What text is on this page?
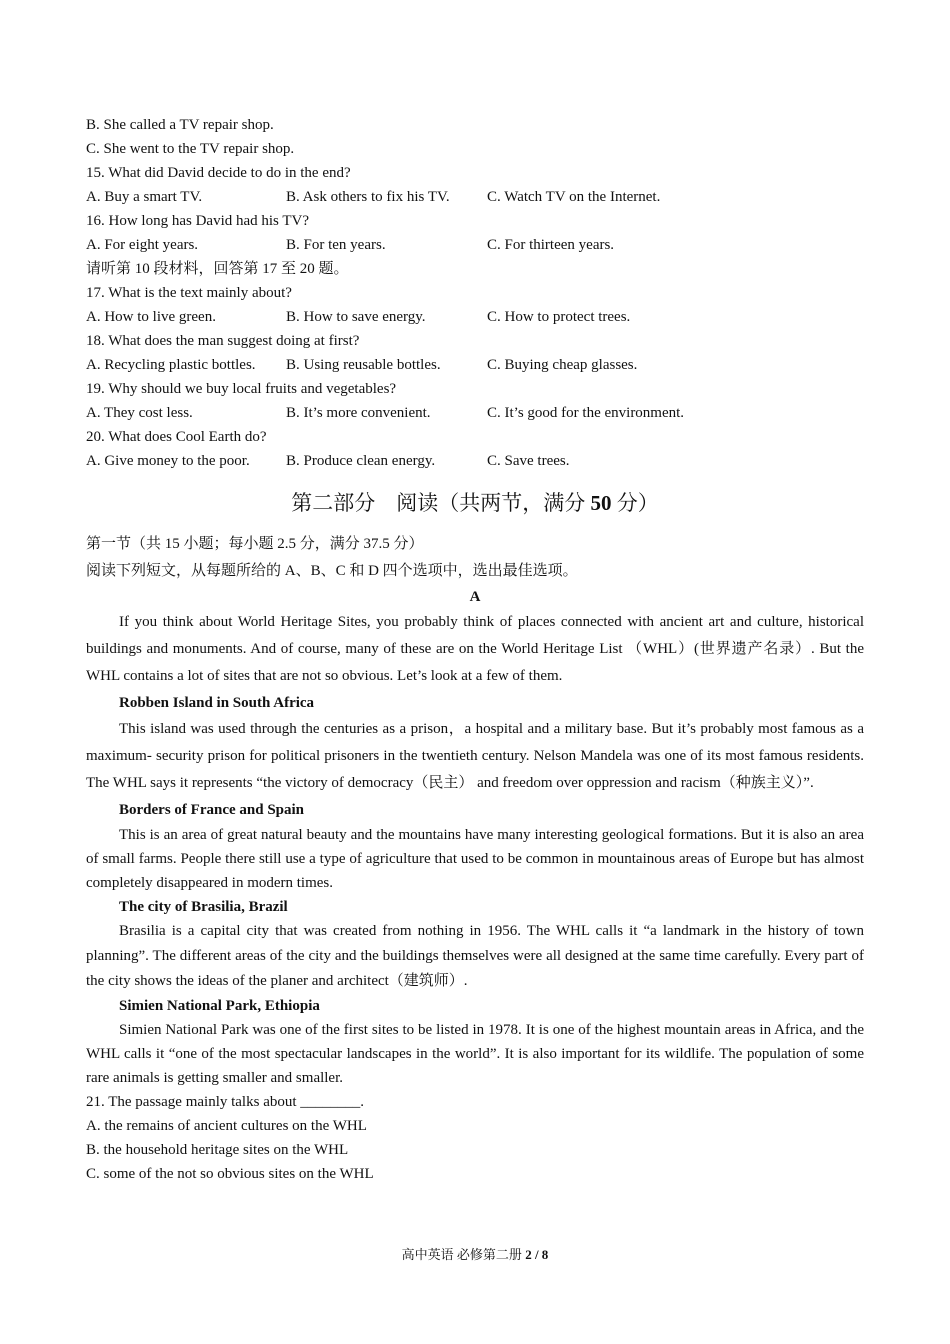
B. She called a TV repair shop.
C. She went to the TV repair shop.
15. What did David decide to do in the end?
A. Buy a smart TV.	B. Ask others to fix his TV.	C. Watch TV on the Internet.
16. How long has David had his TV?
A. For eight years.	B. For ten years.	C. For thirteen years.
请听第 10 段材料，回答第 17 至 20 题。
17. What is the text mainly about?
A. How to live green.	B. How to save energy.	C. How to protect trees.
18. What does the man suggest doing at first?
A. Recycling plastic bottles.	B. Using reusable bottles.	C. Buying cheap glasses.
19. Why should we buy local fruits and vegetables?
A. They cost less.	B. It’s more convenient.	C. It’s good for the environment.
20. What does Cool Earth do?
A. Give money to the poor.	B. Produce clean energy.	C. Save trees.
第二部分　阅读（共两节，满分 50 分）
第一节（共 15 小题；每小题 2.5 分，满分 37.5 分）
阅读下列短文，从每题所给的 A、B、C 和 D 四个选项中，选出最佳选项。
A
If you think about World Heritage Sites, you probably think of places connected with ancient art and culture, historical buildings and monuments. And of course, many of these are on the World Heritage List （WHL）(世界遗产名录）. But the WHL contains a lot of sites that are not so obvious. Let’s look at a few of them.
Robben Island in South Africa
This island was used through the centuries as a prison，a hospital and a military base. But it’s probably most famous as a maximum- security prison for political prisoners in the twentieth century. Nelson Mandela was one of its most famous residents. The WHL says it represents “the victory of democracy（民主） and freedom over oppression and racism（种族主义）”.
Borders of France and Spain
This is an area of great natural beauty and the mountains have many interesting geological formations. But it is also an area of small farms. People there still use a type of agriculture that used to be common in mountainous areas of Europe but has almost completely disappeared in modern times.
The city of Brasilia, Brazil
Brasilia is a capital city that was created from nothing in 1956. The WHL calls it “a landmark in the history of town planning”. The different areas of the city and the buildings themselves were all designed at the same time carefully. Every part of the city shows the ideas of the planer and architect（建筑师）.
Simien National Park, Ethiopia
Simien National Park was one of the first sites to be listed in 1978. It is one of the highest mountain areas in Africa, and the WHL calls it “one of the most spectacular landscapes in the world”. It is also important for its wildlife. The population of some rare animals is getting smaller and smaller.
21. The passage mainly talks about ________.
A. the remains of ancient cultures on the WHL
B. the household heritage sites on the WHL
C. some of the not so obvious sites on the WHL
高中英语 必修第二册 2 / 8
